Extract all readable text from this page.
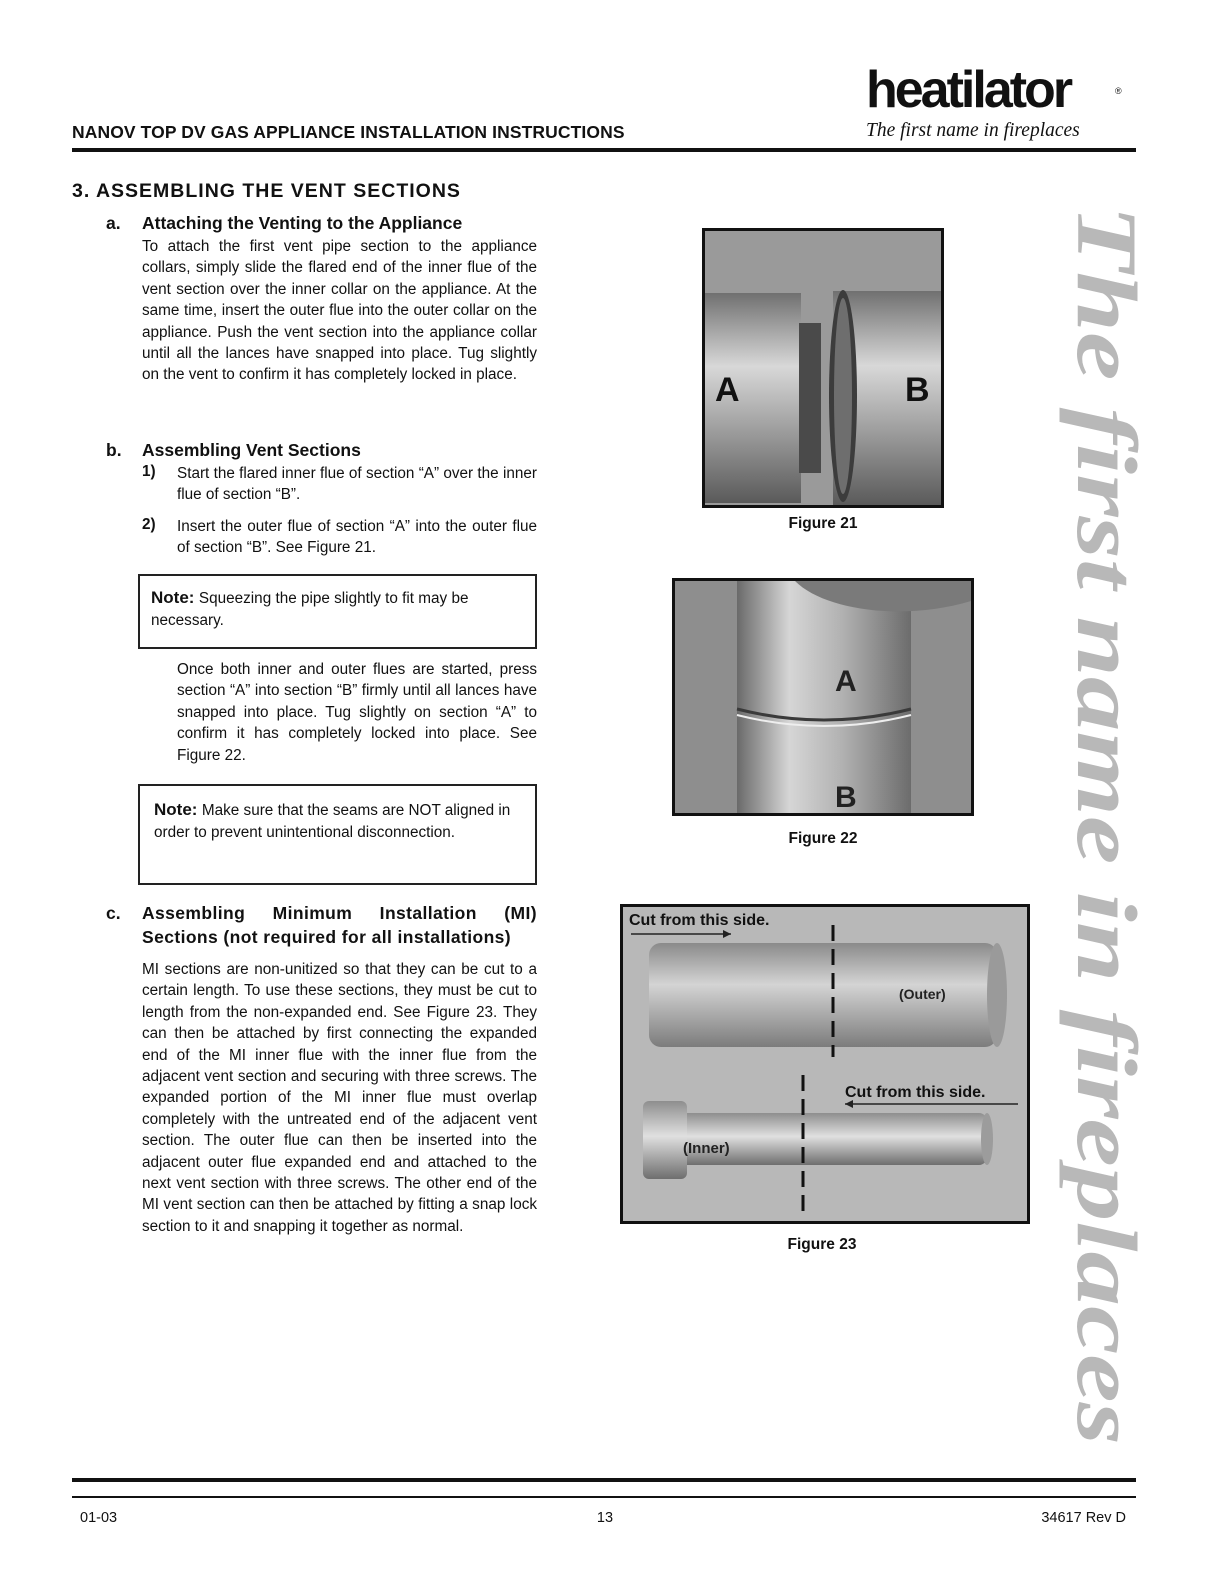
NANOV TOP DV GAS APPLIANCE INSTALLATION INSTRUCTIONS
heatilator	®
The first name in fireplaces
The first name in fireplaces
3. ASSEMBLING THE VENT SECTIONS
a. Attaching the Venting to the Appliance
To attach the first vent pipe section to the appliance collars, simply slide the flared end of the inner flue of the vent section over the inner collar on the appliance. At the same time, insert the outer flue into the outer collar on the appliance. Push the vent section into the appliance collar until all the lances have snapped into place. Tug slightly on the vent to confirm it has completely locked in place.
b. Assembling Vent Sections
1) Start the flared inner flue of section “A” over the inner flue of section “B”.
2) Insert the outer flue of section “A” into the outer flue of section “B”. See Figure 21.
Note: Squeezing the pipe slightly to fit may be necessary.
Once both inner and outer flues are started, press section “A” into section “B” firmly until all lances have snapped into place. Tug slightly on section “A” to confirm it has completely locked into place. See Figure 22.
Note: Make sure that the seams are NOT aligned in order to prevent unintentional disconnection.
c. Assembling Minimum Installation (MI) Sections (not required for all installations)
MI sections are non-unitized so that they can be cut to a certain length. To use these sections, they must be cut to length from the non-expanded end. See Figure 23. They can then be attached by first connecting the expanded end of the MI inner flue with the inner flue from the adjacent vent section and securing with three screws. The expanded portion of the MI inner flue must overlap completely with the untreated end of the adjacent vent section. The outer flue can then be inserted into the adjacent outer flue expanded end and attached to the next vent section with three screws. The other end of the MI vent section can then be attached by fitting a snap lock section to it and snapping it together as normal.
A	B
Figure 21
A
B
Figure 22
Cut from this side.
(Outer)
Cut from this side.
(Inner)
Figure 23
01-03	13	34617 Rev D
